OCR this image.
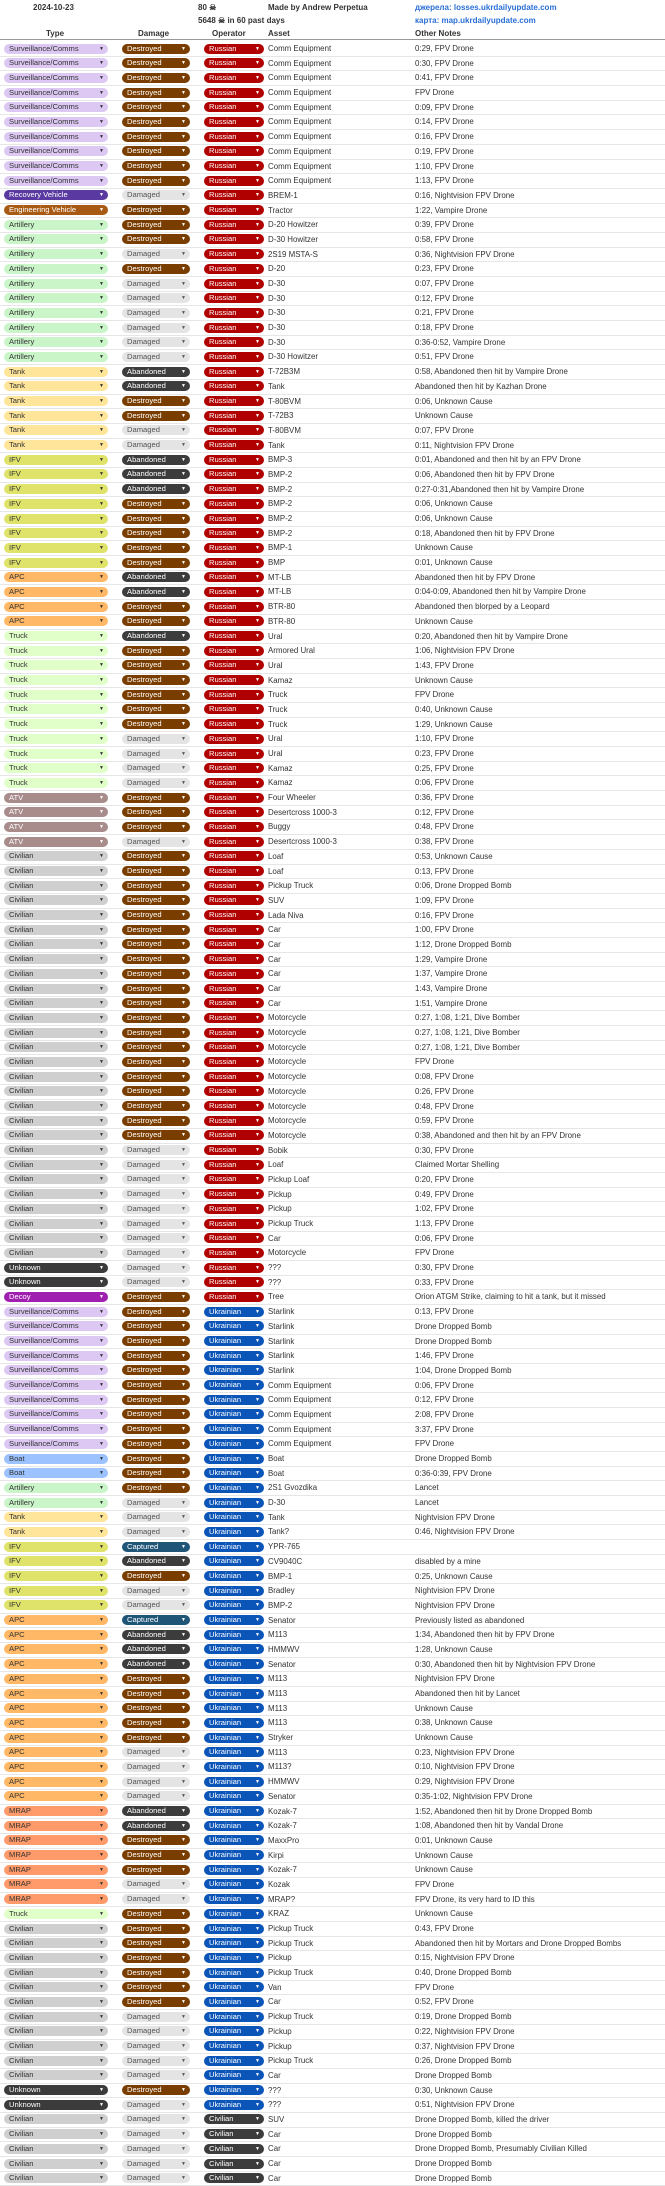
2024-10-23	80 ☠
5648 ☠ in 60 past days
Made by Andrew Perpetua	джерела: losses.ukrdailyupdate.com
карта: map.ukrdailyupdate.com
Type	Damage	Operator	Asset	Other Notes
Surveillance/Comms ▼	Destroyed ▼	Russian ▼	Comm Equipment	0:29, FPV Drone
Surveillance/Comms ▼	Destroyed ▼	Russian ▼	Comm Equipment	0:30, FPV Drone
Surveillance/Comms ▼	Destroyed ▼	Russian ▼	Comm Equipment	0:41, FPV Drone
Surveillance/Comms ▼	Destroyed ▼	Russian ▼	Comm Equipment	FPV Drone
Surveillance/Comms ▼	Destroyed ▼	Russian ▼	Comm Equipment	0:09, FPV Drone
Surveillance/Comms ▼	Destroyed ▼	Russian ▼	Comm Equipment	0:14, FPV Drone
Surveillance/Comms ▼	Destroyed ▼	Russian ▼	Comm Equipment	0:16, FPV Drone
Surveillance/Comms ▼	Destroyed ▼	Russian ▼	Comm Equipment	0:19, FPV Drone
Surveillance/Comms ▼	Destroyed ▼	Russian ▼	Comm Equipment	1:10, FPV Drone
Surveillance/Comms ▼	Destroyed ▼	Russian ▼	Comm Equipment	1:13, FPV Drone
Recovery Vehicle ▼	Damaged ▼	Russian ▼	BREM-1	0:16, Nightvision FPV Drone
Engineering Vehicle ▼	Destroyed ▼	Russian ▼	Tractor	1:22, Vampire Drone
Artillery ▼	Destroyed ▼	Russian ▼	D-20 Howitzer	0:39, FPV Drone
Artillery ▼	Destroyed ▼	Russian ▼	D-30 Howitzer	0:58, FPV Drone
Artillery ▼	Damaged ▼	Russian ▼	2S19 MSTA-S	0:36, Nightvision FPV Drone
Artillery ▼	Destroyed ▼	Russian ▼	D-20	0:23, FPV Drone
Artillery ▼	Damaged ▼	Russian ▼	D-30	0:07, FPV Drone
Artillery ▼	Damaged ▼	Russian ▼	D-30	0:12, FPV Drone
Artillery ▼	Damaged ▼	Russian ▼	D-30	0:21, FPV Drone
Artillery ▼	Damaged ▼	Russian ▼	D-30	0:18, FPV Drone
Artillery ▼	Damaged ▼	Russian ▼	D-30	0:36-0:52, Vampire Drone
Artillery ▼	Damaged ▼	Russian ▼	D-30 Howitzer	0:51, FPV Drone
Tank ▼	Abandoned ▼	Russian ▼	T-72B3M	0:58, Abandoned then hit by Vampire Drone
Tank ▼	Abandoned ▼	Russian ▼	Tank	Abandoned then hit by Kazhan Drone
Tank ▼	Destroyed ▼	Russian ▼	T-80BVM	0:06, Unknown Cause
Tank ▼	Destroyed ▼	Russian ▼	T-72B3	Unknown Cause
Tank ▼	Damaged ▼	Russian ▼	T-80BVM	0:07, FPV Drone
Tank ▼	Damaged ▼	Russian ▼	Tank	0:11, Nightvision FPV Drone
IFV ▼	Abandoned ▼	Russian ▼	BMP-3	0:01, Abandoned and then hit by an FPV Drone
IFV ▼	Abandoned ▼	Russian ▼	BMP-2	0:06, Abandoned then hit by FPV Drone
IFV ▼	Abandoned ▼	Russian ▼	BMP-2	0:27-0:31,Abandoned then hit by Vampire Drone
IFV ▼	Destroyed ▼	Russian ▼	BMP-2	0:06, Unknown Cause
IFV ▼	Destroyed ▼	Russian ▼	BMP-2	0:06, Unknown Cause
IFV ▼	Destroyed ▼	Russian ▼	BMP-2	0:18, Abandoned then hit by FPV Drone
IFV ▼	Destroyed ▼	Russian ▼	BMP-1	Unknown Cause
IFV ▼	Destroyed ▼	Russian ▼	BMP	0:01, Unknown Cause
APC ▼	Abandoned ▼	Russian ▼	MT-LB	Abandoned then hit by FPV Drone
APC ▼	Abandoned ▼	Russian ▼	MT-LB	0:04-0:09, Abandoned then hit by Vampire Drone
APC ▼	Destroyed ▼	Russian ▼	BTR-80	Abandoned then blorped by a Leopard
APC ▼	Destroyed ▼	Russian ▼	BTR-80	Unknown Cause
Truck ▼	Abandoned ▼	Russian ▼	Ural	0:20, Abandoned then hit by Vampire Drone
Truck ▼	Destroyed ▼	Russian ▼	Armored Ural	1:06, Nightvision FPV Drone
Truck ▼	Destroyed ▼	Russian ▼	Ural	1:43, FPV Drone
Truck ▼	Destroyed ▼	Russian ▼	Kamaz	Unknown Cause
Truck ▼	Destroyed ▼	Russian ▼	Truck	FPV Drone
Truck ▼	Destroyed ▼	Russian ▼	Truck	0:40, Unknown Cause
Truck ▼	Destroyed ▼	Russian ▼	Truck	1:29, Unknown Cause
Truck ▼	Damaged ▼	Russian ▼	Ural	1:10, FPV Drone
Truck ▼	Damaged ▼	Russian ▼	Ural	0:23, FPV Drone
Truck ▼	Damaged ▼	Russian ▼	Kamaz	0:25, FPV Drone
Truck ▼	Damaged ▼	Russian ▼	Kamaz	0:06, FPV Drone
ATV ▼	Destroyed ▼	Russian ▼	Four Wheeler	0:36, FPV Drone
ATV ▼	Destroyed ▼	Russian ▼	Desertcross 1000-3	0:12, FPV Drone
ATV ▼	Destroyed ▼	Russian ▼	Buggy	0:48, FPV Drone
ATV ▼	Damaged ▼	Russian ▼	Desertcross 1000-3	0:38, FPV Drone
Civilian ▼	Destroyed ▼	Russian ▼	Loaf	0:53, Unknown Cause
Civilian ▼	Destroyed ▼	Russian ▼	Loaf	0:13, FPV Drone
Civilian ▼	Destroyed ▼	Russian ▼	Pickup Truck	0:06, Drone Dropped Bomb
Civilian ▼	Destroyed ▼	Russian ▼	SUV	1:09, FPV Drone
Civilian ▼	Destroyed ▼	Russian ▼	Lada Niva	0:16, FPV Drone
Civilian ▼	Destroyed ▼	Russian ▼	Car	1:00, FPV Drone
Civilian ▼	Destroyed ▼	Russian ▼	Car	1:12, Drone Dropped Bomb
Civilian ▼	Destroyed ▼	Russian ▼	Car	1:29, Vampire Drone
Civilian ▼	Destroyed ▼	Russian ▼	Car	1:37, Vampire Drone
Civilian ▼	Destroyed ▼	Russian ▼	Car	1:43, Vampire Drone
Civilian ▼	Destroyed ▼	Russian ▼	Car	1:51, Vampire Drone
Civilian ▼	Destroyed ▼	Russian ▼	Motorcycle	0:27, 1:08, 1:21, Dive Bomber
Civilian ▼	Destroyed ▼	Russian ▼	Motorcycle	0:27, 1:08, 1:21, Dive Bomber
Civilian ▼	Destroyed ▼	Russian ▼	Motorcycle	0:27, 1:08, 1:21, Dive Bomber
Civilian ▼	Destroyed ▼	Russian ▼	Motorcycle	FPV Drone
Civilian ▼	Destroyed ▼	Russian ▼	Motorcycle	0:08, FPV Drone
Civilian ▼	Destroyed ▼	Russian ▼	Motorcycle	0:26, FPV Drone
Civilian ▼	Destroyed ▼	Russian ▼	Motorcycle	0:48, FPV Drone
Civilian ▼	Destroyed ▼	Russian ▼	Motorcycle	0:59, FPV Drone
Civilian ▼	Destroyed ▼	Russian ▼	Motorcycle	0:38, Abandoned and then hit by an FPV Drone
Civilian ▼	Damaged ▼	Russian ▼	Bobik	0:30, FPV Drone
Civilian ▼	Damaged ▼	Russian ▼	Loaf	Claimed Mortar Shelling
Civilian ▼	Damaged ▼	Russian ▼	Pickup Loaf	0:20, FPV Drone
Civilian ▼	Damaged ▼	Russian ▼	Pickup	0:49, FPV Drone
Civilian ▼	Damaged ▼	Russian ▼	Pickup	1:02, FPV Drone
Civilian ▼	Damaged ▼	Russian ▼	Pickup Truck	1:13, FPV Drone
Civilian ▼	Damaged ▼	Russian ▼	Car	0:06, FPV Drone
Civilian ▼	Damaged ▼	Russian ▼	Motorcycle	FPV Drone
Unknown ▼	Damaged ▼	Russian ▼	???	0:30, FPV Drone
Unknown ▼	Damaged ▼	Russian ▼	???	0:33, FPV Drone
Decoy ▼	Destroyed ▼	Russian ▼	Tree	Orion ATGM Strike, claiming to hit a tank, but it missed
Surveillance/Comms ▼	Destroyed ▼	Ukrainian ▼	Starlink	0:13, FPV Drone
Surveillance/Comms ▼	Destroyed ▼	Ukrainian ▼	Starlink	Drone Dropped Bomb
Surveillance/Comms ▼	Destroyed ▼	Ukrainian ▼	Starlink	Drone Dropped Bomb
Surveillance/Comms ▼	Destroyed ▼	Ukrainian ▼	Starlink	1:46, FPV Drone
Surveillance/Comms ▼	Destroyed ▼	Ukrainian ▼	Starlink	1:04, Drone Dropped Bomb
Surveillance/Comms ▼	Destroyed ▼	Ukrainian ▼	Comm Equipment	0:06, FPV Drone
Surveillance/Comms ▼	Destroyed ▼	Ukrainian ▼	Comm Equipment	0:12, FPV Drone
Surveillance/Comms ▼	Destroyed ▼	Ukrainian ▼	Comm Equipment	2:08, FPV Drone
Surveillance/Comms ▼	Destroyed ▼	Ukrainian ▼	Comm Equipment	3:37, FPV Drone
Surveillance/Comms ▼	Destroyed ▼	Ukrainian ▼	Comm Equipment	FPV Drone
Boat ▼	Destroyed ▼	Ukrainian ▼	Boat	Drone Dropped Bomb
Boat ▼	Destroyed ▼	Ukrainian ▼	Boat	0:36-0:39, FPV Drone
Artillery ▼	Destroyed ▼	Ukrainian ▼	2S1 Gvozdika	Lancet
Artillery ▼	Damaged ▼	Ukrainian ▼	D-30	Lancet
Tank ▼	Damaged ▼	Ukrainian ▼	Tank	Nightvision FPV Drone
Tank ▼	Damaged ▼	Ukrainian ▼	Tank?	0:46, Nightvision FPV Drone
IFV ▼	Captured ▼	Ukrainian ▼	YPR-765
IFV ▼	Abandoned ▼	Ukrainian ▼	CV9040C	disabled by a mine
IFV ▼	Destroyed ▼	Ukrainian ▼	BMP-1	0:25, Unknown Cause
IFV ▼	Damaged ▼	Ukrainian ▼	Bradley	Nightvision FPV Drone
IFV ▼	Damaged ▼	Ukrainian ▼	BMP-2	Nightvision FPV Drone
APC ▼	Captured ▼	Ukrainian ▼	Senator	Previously listed as abandoned
APC ▼	Abandoned ▼	Ukrainian ▼	M113	1:34, Abandoned then hit by FPV Drone
APC ▼	Abandoned ▼	Ukrainian ▼	HMMWV	1:28, Unknown Cause
APC ▼	Abandoned ▼	Ukrainian ▼	Senator	0:30, Abandoned then hit by Nightvision FPV Drone
APC ▼	Destroyed ▼	Ukrainian ▼	M113	Nightvision FPV Drone
APC ▼	Destroyed ▼	Ukrainian ▼	M113	Abandoned then hit by Lancet
APC ▼	Destroyed ▼	Ukrainian ▼	M113	Unknown Cause
APC ▼	Destroyed ▼	Ukrainian ▼	M113	0:38, Unknown Cause
APC ▼	Destroyed ▼	Ukrainian ▼	Stryker	Unknown Cause
APC ▼	Damaged ▼	Ukrainian ▼	M113	0:23, Nightvision FPV Drone
APC ▼	Damaged ▼	Ukrainian ▼	M113?	0:10, Nightvision FPV Drone
APC ▼	Damaged ▼	Ukrainian ▼	HMMWV	0:29, Nightvision FPV Drone
APC ▼	Damaged ▼	Ukrainian ▼	Senator	0:35-1:02, Nightvision FPV Drone
MRAP ▼	Abandoned ▼	Ukrainian ▼	Kozak-7	1:52, Abandoned then hit by Drone Dropped Bomb
MRAP ▼	Abandoned ▼	Ukrainian ▼	Kozak-7	1:08, Abandoned then hit by Vandal Drone
MRAP ▼	Destroyed ▼	Ukrainian ▼	MaxxPro	0:01, Unknown Cause
MRAP ▼	Destroyed ▼	Ukrainian ▼	Kirpi	Unknown Cause
MRAP ▼	Destroyed ▼	Ukrainian ▼	Kozak-7	Unknown Cause
MRAP ▼	Damaged ▼	Ukrainian ▼	Kozak	FPV Drone
MRAP ▼	Damaged ▼	Ukrainian ▼	MRAP?	FPV Drone, its very hard to ID this
Truck ▼	Destroyed ▼	Ukrainian ▼	KRAZ	Unknown Cause
Civilian ▼	Destroyed ▼	Ukrainian ▼	Pickup Truck	0:43, FPV Drone
Civilian ▼	Destroyed ▼	Ukrainian ▼	Pickup Truck	Abandoned then hit by Mortars and Drone Dropped Bombs
Civilian ▼	Destroyed ▼	Ukrainian ▼	Pickup	0:15, Nightvision FPV Drone
Civilian ▼	Destroyed ▼	Ukrainian ▼	Pickup Truck	0:40, Drone Dropped Bomb
Civilian ▼	Destroyed ▼	Ukrainian ▼	Van	FPV Drone
Civilian ▼	Destroyed ▼	Ukrainian ▼	Car	0:52, FPV Drone
Civilian ▼	Damaged ▼	Ukrainian ▼	Pickup Truck	0:19, Drone Dropped Bomb
Civilian ▼	Damaged ▼	Ukrainian ▼	Pickup	0:22, Nightvision FPV Drone
Civilian ▼	Damaged ▼	Ukrainian ▼	Pickup	0:37, Nightvision FPV Drone
Civilian ▼	Damaged ▼	Ukrainian ▼	Pickup Truck	0:26, Drone Dropped Bomb
Civilian ▼	Damaged ▼	Ukrainian ▼	Car	Drone Dropped Bomb
Unknown ▼	Destroyed ▼	Ukrainian ▼	???	0:30, Unknown Cause
Unknown ▼	Damaged ▼	Ukrainian ▼	???	0:51, Nightvision FPV Drone
Civilian ▼	Damaged ▼	Civilian ▼	SUV	Drone Dropped Bomb, killed the driver
Civilian ▼	Damaged ▼	Civilian ▼	Car	Drone Dropped Bomb
Civilian ▼	Damaged ▼	Civilian ▼	Car	Drone Dropped Bomb, Presumably Civilian Killed
Civilian ▼	Damaged ▼	Civilian ▼	Car	Drone Dropped Bomb
Civilian ▼	Damaged ▼	Civilian ▼	Car	Drone Dropped Bomb
